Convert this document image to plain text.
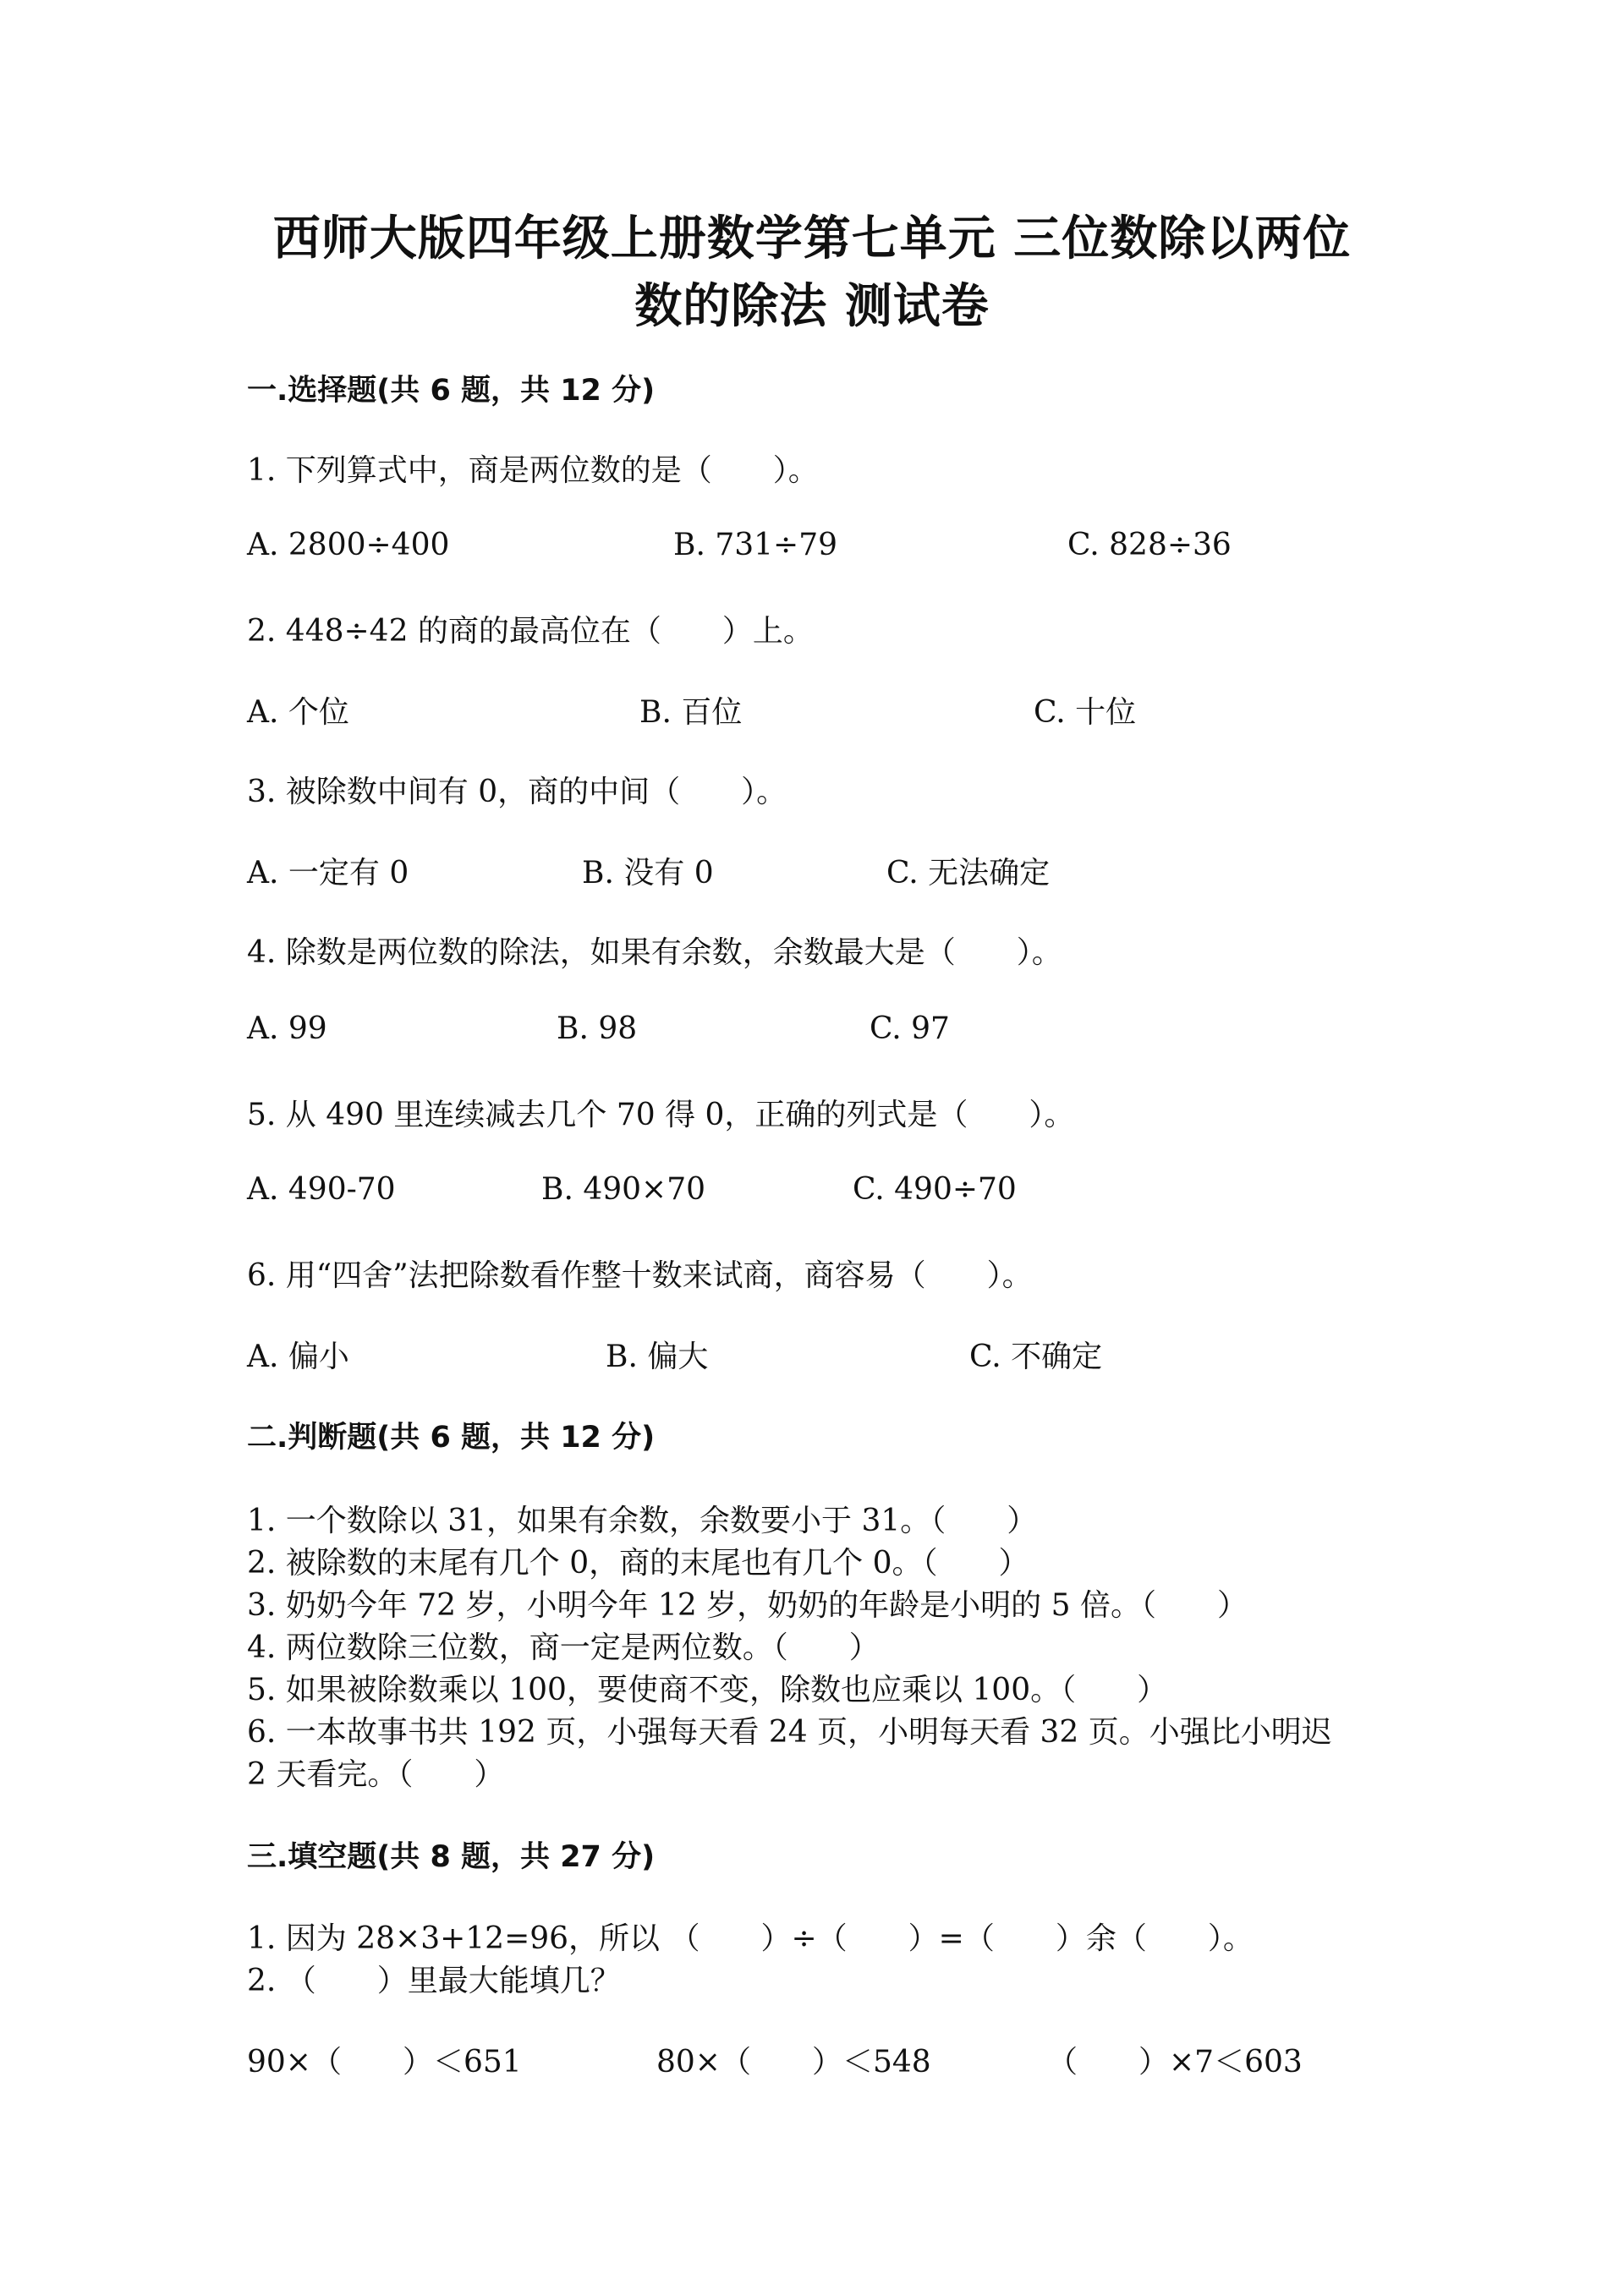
西师大版四年级上册数学第七单元 三位数除以两位
数的除法 测试卷
一.选择题(共 6 题，共 12 分)
1. 下列算式中，商是两位数的是（　　）。
A. 2800÷400	B. 731÷79	C. 828÷36
2. 448÷42 的商的最高位在（　　）上。
A. 个位	B. 百位	C. 十位
3. 被除数中间有 0，商的中间（　　）。
A. 一定有 0	B. 没有 0	C. 无法确定
4. 除数是两位数的除法，如果有余数，余数最大是（　　）。
A. 99	B. 98	C. 97
5. 从 490 里连续减去几个 70 得 0，正确的列式是（　　）。
A. 490-70	B. 490×70	C. 490÷70
6. 用“四舍”法把除数看作整十数来试商，商容易（　　）。
A. 偏小	B. 偏大	C. 不确定
二.判断题(共 6 题，共 12 分)
1. 一个数除以 31，如果有余数，余数要小于 31。（　　）
2. 被除数的末尾有几个 0，商的末尾也有几个 0。（　　）
3. 奶奶今年 72 岁，小明今年 12 岁，奶奶的年龄是小明的 5 倍。（　　）
4. 两位数除三位数，商一定是两位数。（　　）
5. 如果被除数乘以 100，要使商不变，除数也应乘以 100。（　　）
6. 一本故事书共 192 页，小强每天看 24 页，小明每天看 32 页。小强比小明迟
2 天看完。（　　）
三.填空题(共 8 题，共 27 分)
1. 因为 28×3+12=96，所以 （　　）÷（　　）=（　　）余（　　）。
2. （　　）里最大能填几？
90×（　　）＜651	80×（　　）＜548	（　　）×7＜603
